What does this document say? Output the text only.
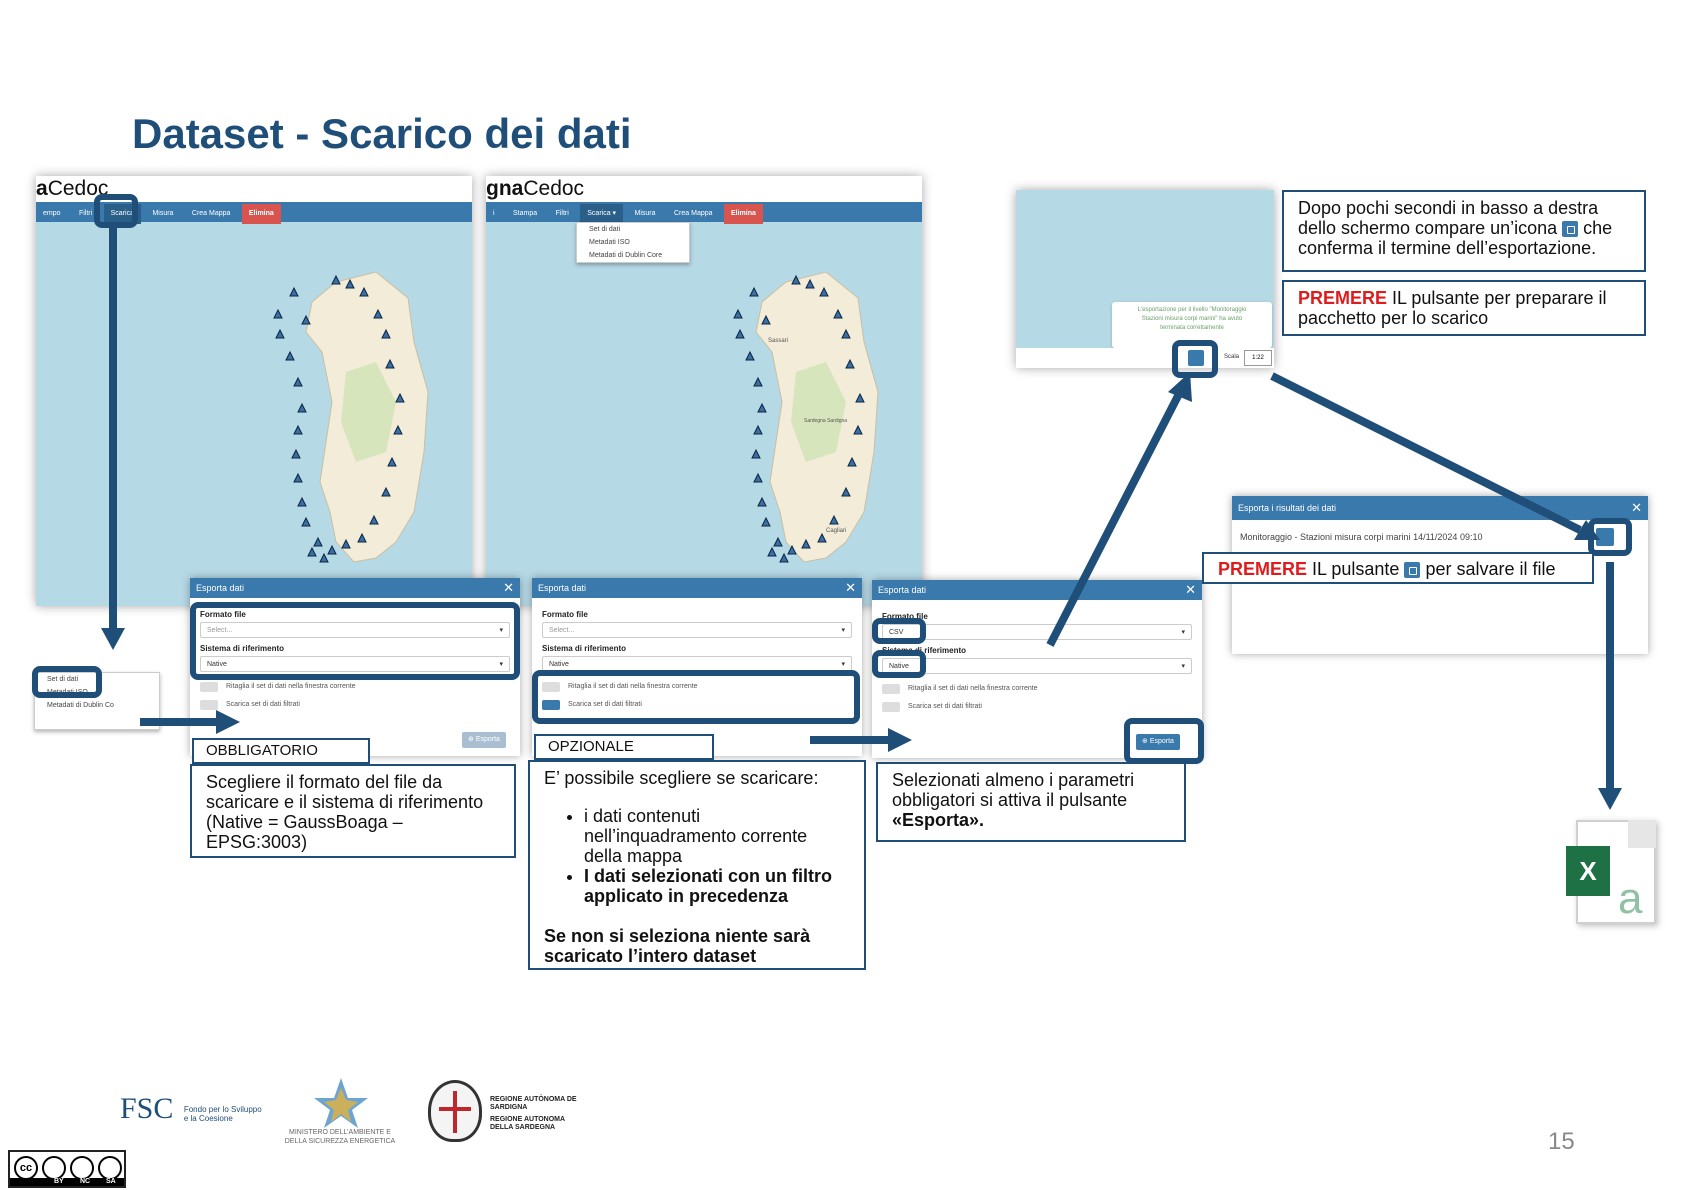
Dataset - Scarico dei dati
aCedoc
empo	Filtri	Scarica	Misura	Crea Mappa	Elimina
Set di dati
Metadati ISO
Metadati di Dublin Co
gnaCedoc
i	Stampa	Filtri	Scarica ▾	Misura	Crea Mappa	Elimina
Sassari
Sardegna Sardigna
Cagliari
Set di dati
Metadati ISO
Metadati di Dublin Core
L'esportazione per il livello "Monitoraggio
Stazioni misura corpi marini" ha avuto
terminata correttamente
Scala	1:22
Esporta dati	✕
Formato file
Select...	▾
Sistema di riferimento
Native	▾
Ritaglia il set di dati nella finestra corrente
Scarica set di dati filtrati
⊕ Esporta
Esporta dati	✕
Formato file
Select...	▾
Sistema di riferimento
Native	▾
Ritaglia il set di dati nella finestra corrente
Scarica set di dati filtrati
Esporta dati	✕
Formato file
CSV	▾
Sistema di riferimento
Native	▾
Ritaglia il set di dati nella finestra corrente
Scarica set di dati filtrati
⊕ Esporta
Esporta i risultati dei dati	✕
Monitoraggio - Stazioni misura corpi marini 14/11/2024 09:10
OBBLIGATORIO
Scegliere il formato del file da scaricare e il sistema di riferimento (Native = GaussBoaga – EPSG:3003)
OPZIONALE
E’ possibile scegliere se scaricare:
• i dati contenuti nell’inquadramento corrente della mappa
• I dati selezionati con un filtro applicato in precedenza
Se non si seleziona niente sarà scaricato l’intero dataset
Selezionati almeno i parametri obbligatori si attiva il pulsante «Esporta».
Dopo pochi secondi in basso a destra dello schermo compare un’icona che conferma il termine dell’esportazione.
PREMERE IL pulsante per preparare il pacchetto per lo scarico
PREMERE IL pulsante per salvare il file
X
a
FSC Fondo per lo Sviluppo e la Coesione
MINISTERO DELL’AMBIENTE E DELLA SICUREZZA ENERGETICA
REGIONE AUTÒNOMA DE SARDIGNA
REGIONE AUTONOMA DELLA SARDEGNA
cc
BY NC SA
15
